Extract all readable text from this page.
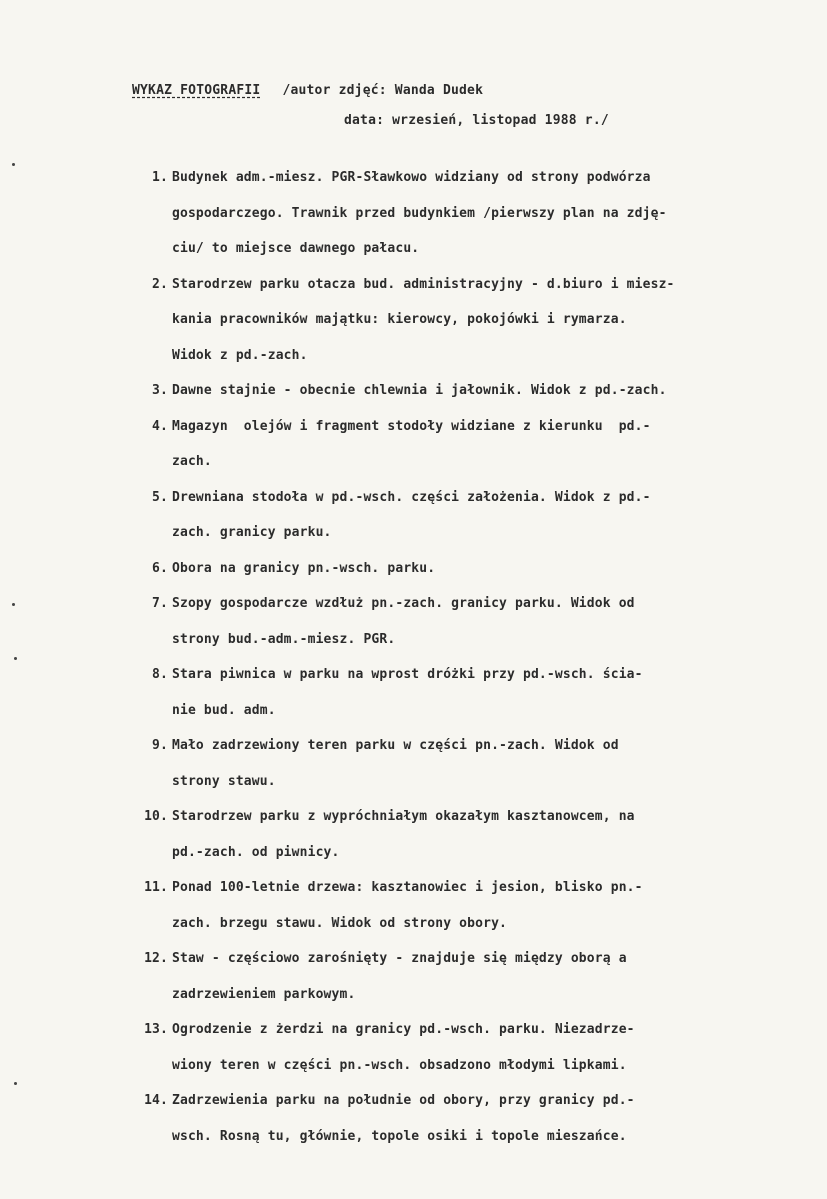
WYKAZ FOTOGRAFII /autor zdjęć: Wanda Dudek
data: wrzesień, listopad 1988 r./
1. Budynek adm.-miesz. PGR-Sławkowo widziany od strony podwórza
gospodarczego. Trawnik przed budynkiem /pierwszy plan na zdję-
ciu/ to miejsce dawnego pałacu.
2. Starodrzew parku otacza bud. administracyjny - d.biuro i miesz-
kania pracowników majątku: kierowcy, pokojówki i rymarza.
Widok z pd.-zach.
3. Dawne stajnie - obecnie chlewnia i jałownik. Widok z pd.-zach.
4. Magazyn  olejów i fragment stodoły widziane z kierunku  pd.-
zach.
5. Drewniana stodoła w pd.-wsch. części założenia. Widok z pd.-
zach. granicy parku.
6. Obora na granicy pn.-wsch. parku.
7. Szopy gospodarcze wzdłuż pn.-zach. granicy parku. Widok od
strony bud.-adm.-miesz. PGR.
8. Stara piwnica w parku na wprost dróżki przy pd.-wsch. ścia-
nie bud. adm.
9. Mało zadrzewiony teren parku w części pn.-zach. Widok od
strony stawu.
10. Starodrzew parku z wypróchniałym okazałym kasztanowcem, na
pd.-zach. od piwnicy.
11. Ponad 100-letnie drzewa: kasztanowiec i jesion, blisko pn.-
zach. brzegu stawu. Widok od strony obory.
12. Staw - częściowo zarośnięty - znajduje się między oborą a
zadrzewieniem parkowym.
13. Ogrodzenie z żerdzi na granicy pd.-wsch. parku. Niezadrze-
wiony teren w części pn.-wsch. obsadzono młodymi lipkami.
14. Zadrzewienia parku na południe od obory, przy granicy pd.-
wsch. Rosną tu, głównie, topole osiki i topole mieszańce.
